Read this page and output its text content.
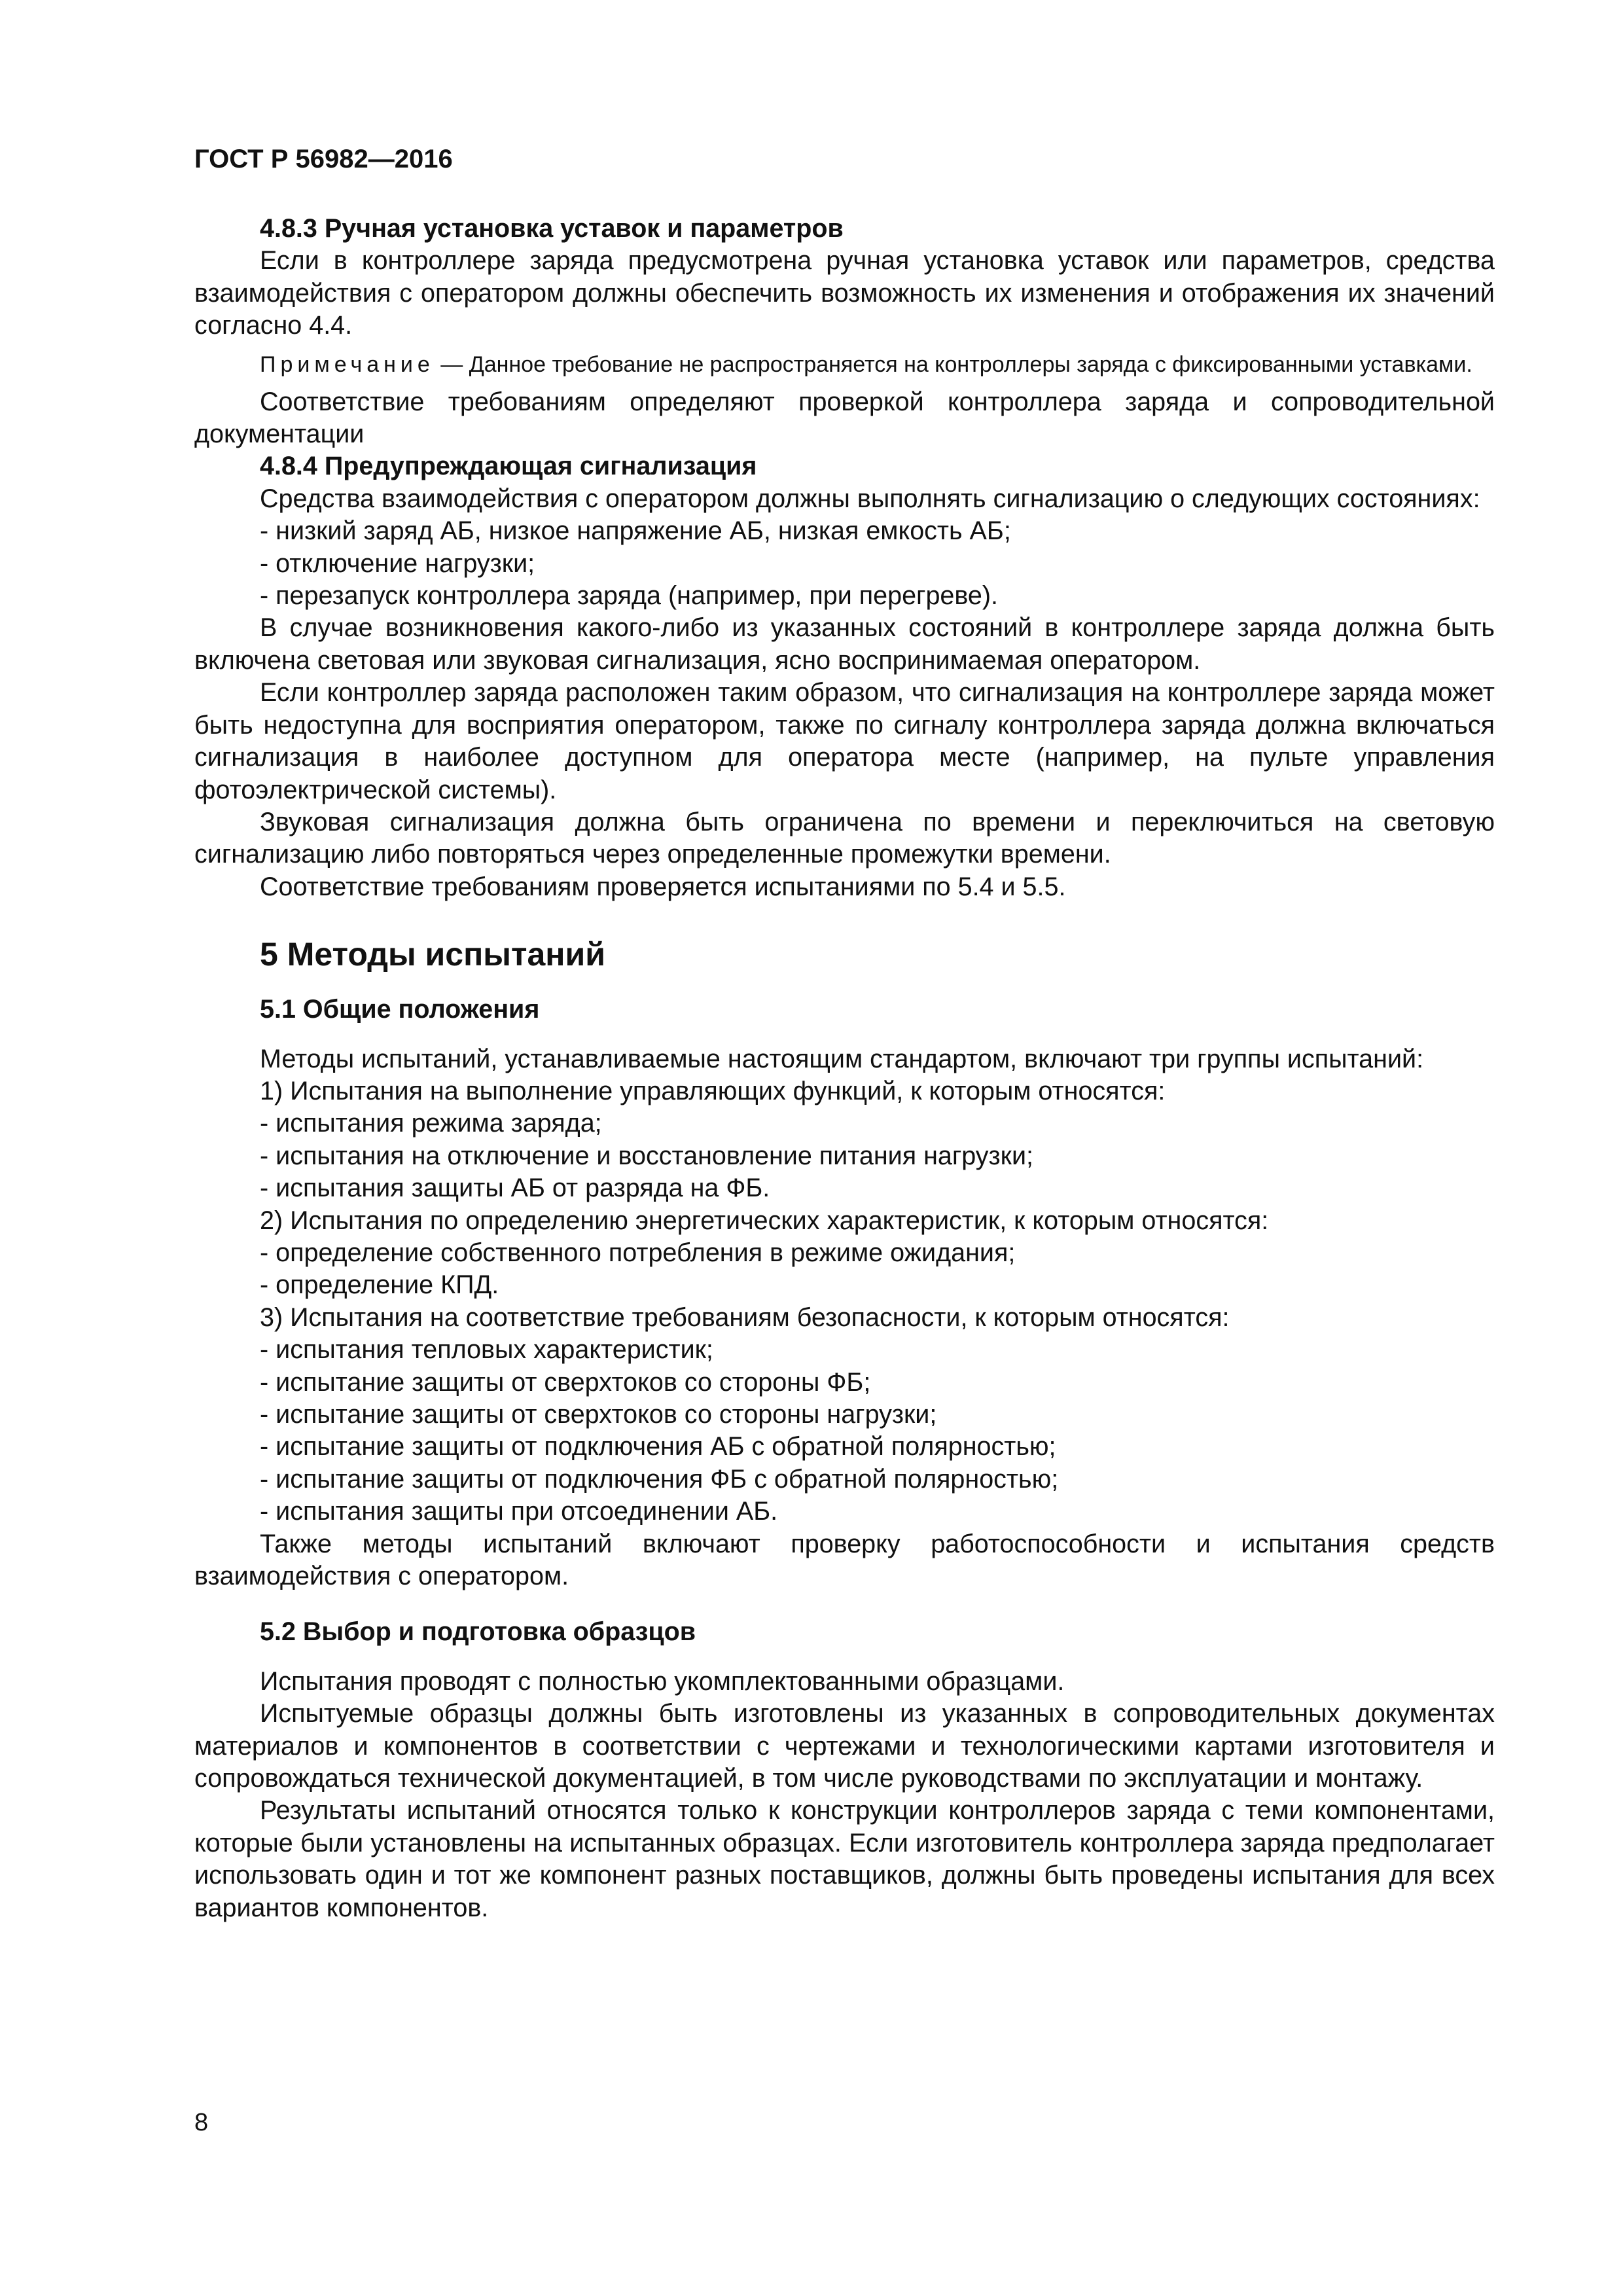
ГОСТ Р 56982—2016
4.8.3 Ручная установка уставок и параметров
Если в контроллере заряда предусмотрена ручная установка уставок или параметров, средства взаимодействия с оператором должны обеспечить возможность их изменения и отображения их значений согласно 4.4.
Примечание — Данное требование не распространяется на контроллеры заряда с фиксированными уставками.
Соответствие требованиям определяют проверкой контроллера заряда и сопроводительной документации
4.8.4 Предупреждающая сигнализация
Средства взаимодействия с оператором должны выполнять сигнализацию о следующих состояниях:
- низкий заряд АБ, низкое напряжение АБ, низкая емкость АБ;
- отключение нагрузки;
- перезапуск контроллера заряда (например, при перегреве).
В случае возникновения какого-либо из указанных состояний в контроллере заряда должна быть включена световая или звуковая сигнализация, ясно воспринимаемая оператором.
Если контроллер заряда расположен таким образом, что сигнализация на контроллере заряда может быть недоступна для восприятия оператором, также по сигналу контроллера заряда должна включаться сигнализация в наиболее доступном для оператора месте (например, на пульте управления фотоэлектрической системы).
Звуковая сигнализация должна быть ограничена по времени и переключиться на световую сигнализацию либо повторяться через определенные промежутки времени.
Соответствие требованиям проверяется испытаниями по 5.4 и 5.5.
5 Методы испытаний
5.1 Общие положения
Методы испытаний, устанавливаемые настоящим стандартом, включают три группы испытаний:
1) Испытания на выполнение управляющих функций, к которым относятся:
- испытания режима заряда;
- испытания на отключение и восстановление питания нагрузки;
- испытания защиты АБ от разряда на ФБ.
2) Испытания по определению энергетических характеристик, к которым относятся:
- определение собственного потребления в режиме ожидания;
- определение КПД.
3) Испытания на соответствие требованиям безопасности, к которым относятся:
- испытания тепловых характеристик;
- испытание защиты от сверхтоков со стороны ФБ;
- испытание защиты от сверхтоков со стороны нагрузки;
- испытание защиты от подключения АБ с обратной полярностью;
- испытание защиты от подключения ФБ с обратной полярностью;
- испытания защиты при отсоединении АБ.
Также методы испытаний включают проверку работоспособности и испытания средств взаимодействия с оператором.
5.2 Выбор и подготовка образцов
Испытания проводят с полностью укомплектованными образцами.
Испытуемые образцы должны быть изготовлены из указанных в сопроводительных документах материалов и компонентов в соответствии с чертежами и технологическими картами изготовителя и сопровождаться технической документацией, в том числе руководствами по эксплуатации и монтажу.
Результаты испытаний относятся только к конструкции контроллеров заряда с теми компонентами, которые были установлены на испытанных образцах. Если изготовитель контроллера заряда предполагает использовать один и тот же компонент разных поставщиков, должны быть проведены испытания для всех вариантов компонентов.
8
